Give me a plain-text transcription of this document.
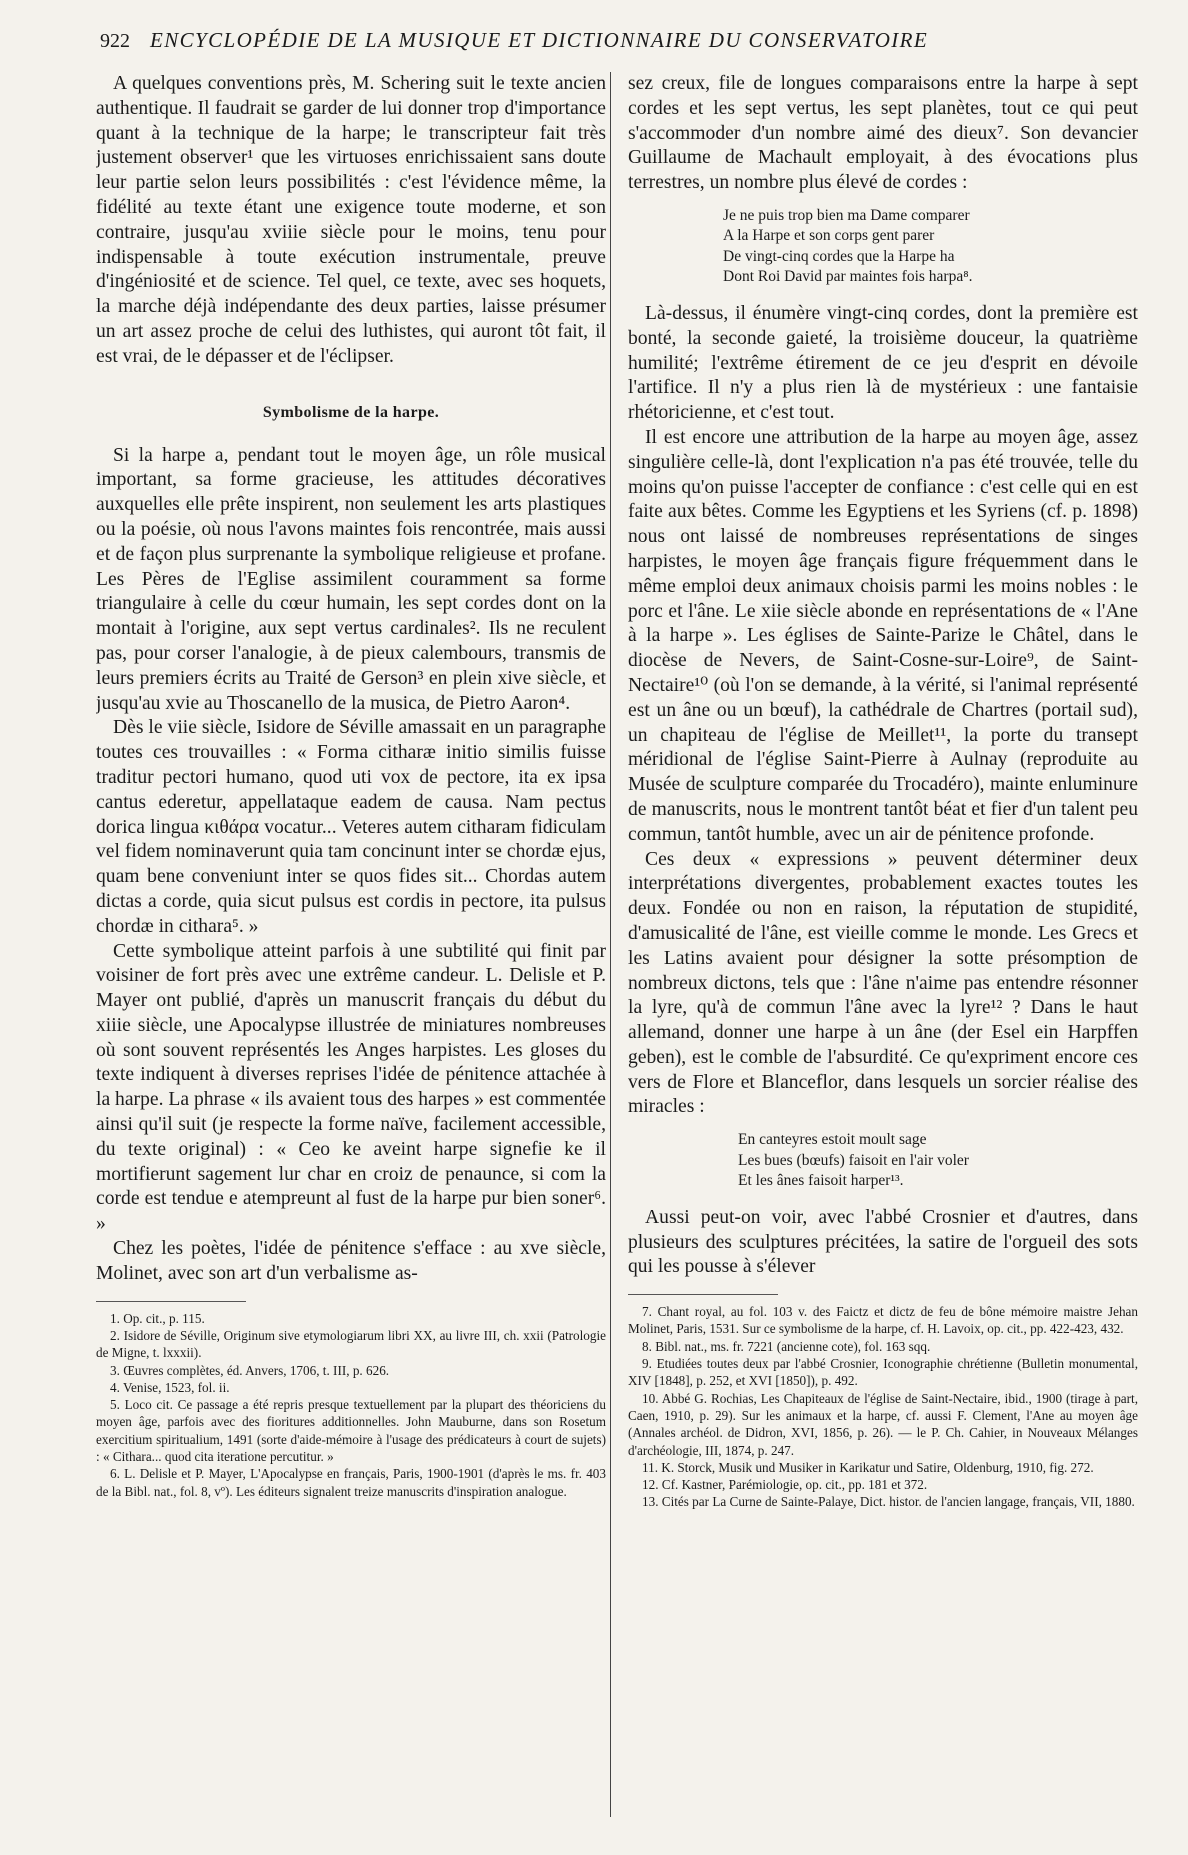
922 ENCYCLOPÉDIE DE LA MUSIQUE ET DICTIONNAIRE DU CONSERVATOIRE

A quelques conventions près, M. Schering suit le texte ancien authentique. Il faudrait se garder de lui donner trop d'importance quant à la technique de la harpe; le transcripteur fait très justement observer¹ que les virtuoses enrichissaient sans doute leur partie selon leurs possibilités : c'est l'évidence même, la fidélité au texte étant une exigence toute moderne, et son contraire, jusqu'au xviiie siècle pour le moins, tenu pour indispensable à toute exécution instrumentale, preuve d'ingéniosité et de science. Tel quel, ce texte, avec ses hoquets, la marche déjà indépendante des deux parties, laisse présumer un art assez proche de celui des luthistes, qui auront tôt fait, il est vrai, de le dépasser et de l'éclipser.

Symbolisme de la harpe.

Si la harpe a, pendant tout le moyen âge, un rôle musical important, sa forme gracieuse, les attitudes décoratives auxquelles elle prête inspirent, non seulement les arts plastiques ou la poésie, où nous l'avons maintes fois rencontrée, mais aussi et de façon plus surprenante la symbolique religieuse et profane. Les Pères de l'Eglise assimilent couramment sa forme triangulaire à celle du cœur humain, les sept cordes dont on la montait à l'origine, aux sept vertus cardinales². Ils ne reculent pas, pour corser l'analogie, à de pieux calembours, transmis de leurs premiers écrits au Traité de Gerson³ en plein xive siècle, et jusqu'au xvie au Thoscanello de la musica, de Pietro Aaron⁴.

Dès le viie siècle, Isidore de Séville amassait en un paragraphe toutes ces trouvailles : « Forma citharæ initio similis fuisse traditur pectori humano, quod uti vox de pectore, ita ex ipsa cantus ederetur, appellataque eadem de causa. Nam pectus dorica lingua κιθάρα vocatur... Veteres autem citharam fidiculam vel fidem nominaverunt quia tam concinunt inter se chordæ ejus, quam bene conveniunt inter se quos fides sit... Chordas autem dictas a corde, quia sicut pulsus est cordis in pectore, ita pulsus chordæ in cithara⁵. »

Cette symbolique atteint parfois à une subtilité qui finit par voisiner de fort près avec une extrême candeur. L. Delisle et P. Mayer ont publié, d'après un manuscrit français du début du xiiie siècle, une Apocalypse illustrée de miniatures nombreuses où sont souvent représentés les Anges harpistes. Les gloses du texte indiquent à diverses reprises l'idée de pénitence attachée à la harpe. La phrase « ils avaient tous des harpes » est commentée ainsi qu'il suit (je respecte la forme naïve, facilement accessible, du texte original) : « Ceo ke aveint harpe signefie ke il mortifierunt sagement lur char en croiz de penaunce, si com la corde est tendue e atempreunt al fust de la harpe pur bien soner⁶. »

Chez les poètes, l'idée de pénitence s'efface : au xve siècle, Molinet, avec son art d'un verbalisme as-

1. Op. cit., p. 115.

2. Isidore de Séville, Originum sive etymologiarum libri XX, au livre III, ch. xxii (Patrologie de Migne, t. lxxxii).

3. Œuvres complètes, éd. Anvers, 1706, t. III, p. 626.

4. Venise, 1523, fol. ii.

5. Loco cit. Ce passage a été repris presque textuellement par la plupart des théoriciens du moyen âge, parfois avec des fioritures additionnelles. John Mauburne, dans son Rosetum exercitium spiritualium, 1491 (sorte d'aide-mémoire à l'usage des prédicateurs à court de sujets) : « Cithara... quod cita iteratione percutitur. »

6. L. Delisle et P. Mayer, L'Apocalypse en français, Paris, 1900-1901 (d'après le ms. fr. 403 de la Bibl. nat., fol. 8, vº). Les éditeurs signalent treize manuscrits d'inspiration analogue.

sez creux, file de longues comparaisons entre la harpe à sept cordes et les sept vertus, les sept planètes, tout ce qui peut s'accommoder d'un nombre aimé des dieux⁷. Son devancier Guillaume de Machault employait, à des évocations plus terrestres, un nombre plus élevé de cordes :

Je ne puis trop bien ma Dame comparer
A la Harpe et son corps gent parer
De vingt-cinq cordes que la Harpe ha
Dont Roi David par maintes fois harpa⁸.

Là-dessus, il énumère vingt-cinq cordes, dont la première est bonté, la seconde gaieté, la troisième douceur, la quatrième humilité; l'extrême étirement de ce jeu d'esprit en dévoile l'artifice. Il n'y a plus rien là de mystérieux : une fantaisie rhétoricienne, et c'est tout.

Il est encore une attribution de la harpe au moyen âge, assez singulière celle-là, dont l'explication n'a pas été trouvée, telle du moins qu'on puisse l'accepter de confiance : c'est celle qui en est faite aux bêtes. Comme les Egyptiens et les Syriens (cf. p. 1898) nous ont laissé de nombreuses représentations de singes harpistes, le moyen âge français figure fréquemment dans le même emploi deux animaux choisis parmi les moins nobles : le porc et l'âne. Le xiie siècle abonde en représentations de « l'Ane à la harpe ». Les églises de Sainte-Parize le Châtel, dans le diocèse de Nevers, de Saint-Cosne-sur-Loire⁹, de Saint-Nectaire¹⁰ (où l'on se demande, à la vérité, si l'animal représenté est un âne ou un bœuf), la cathédrale de Chartres (portail sud), un chapiteau de l'église de Meillet¹¹, la porte du transept méridional de l'église Saint-Pierre à Aulnay (reproduite au Musée de sculpture comparée du Trocadéro), mainte enluminure de manuscrits, nous le montrent tantôt béat et fier d'un talent peu commun, tantôt humble, avec un air de pénitence profonde.

Ces deux « expressions » peuvent déterminer deux interprétations divergentes, probablement exactes toutes les deux. Fondée ou non en raison, la réputation de stupidité, d'amusicalité de l'âne, est vieille comme le monde. Les Grecs et les Latins avaient pour désigner la sotte présomption de nombreux dictons, tels que : l'âne n'aime pas entendre résonner la lyre, qu'à de commun l'âne avec la lyre¹² ? Dans le haut allemand, donner une harpe à un âne (der Esel ein Harpffen geben), est le comble de l'absurdité. Ce qu'expriment encore ces vers de Flore et Blanceflor, dans lesquels un sorcier réalise des miracles :

En canteyres estoit moult sage
Les bues (bœufs) faisoit en l'air voler
Et les ânes faisoit harper¹³.

Aussi peut-on voir, avec l'abbé Crosnier et d'autres, dans plusieurs des sculptures précitées, la satire de l'orgueil des sots qui les pousse à s'élever

7. Chant royal, au fol. 103 v. des Faictz et dictz de feu de bône mémoire maistre Jehan Molinet, Paris, 1531. Sur ce symbolisme de la harpe, cf. H. Lavoix, op. cit., pp. 422-423, 432.

8. Bibl. nat., ms. fr. 7221 (ancienne cote), fol. 163 sqq.

9. Etudiées toutes deux par l'abbé Crosnier, Iconographie chrétienne (Bulletin monumental, XIV [1848], p. 252, et XVI [1850]), p. 492.

10. Abbé G. Rochias, Les Chapiteaux de l'église de Saint-Nectaire, ibid., 1900 (tirage à part, Caen, 1910, p. 29). Sur les animaux et la harpe, cf. aussi F. Clement, l'Ane au moyen âge (Annales archéol. de Didron, XVI, 1856, p. 26). — le P. Ch. Cahier, in Nouveaux Mélanges d'archéologie, III, 1874, p. 247.

11. K. Storck, Musik und Musiker in Karikatur und Satire, Oldenburg, 1910, fig. 272.

12. Cf. Kastner, Parémiologie, op. cit., pp. 181 et 372.

13. Cités par La Curne de Sainte-Palaye, Dict. histor. de l'ancien langage, français, VII, 1880.
